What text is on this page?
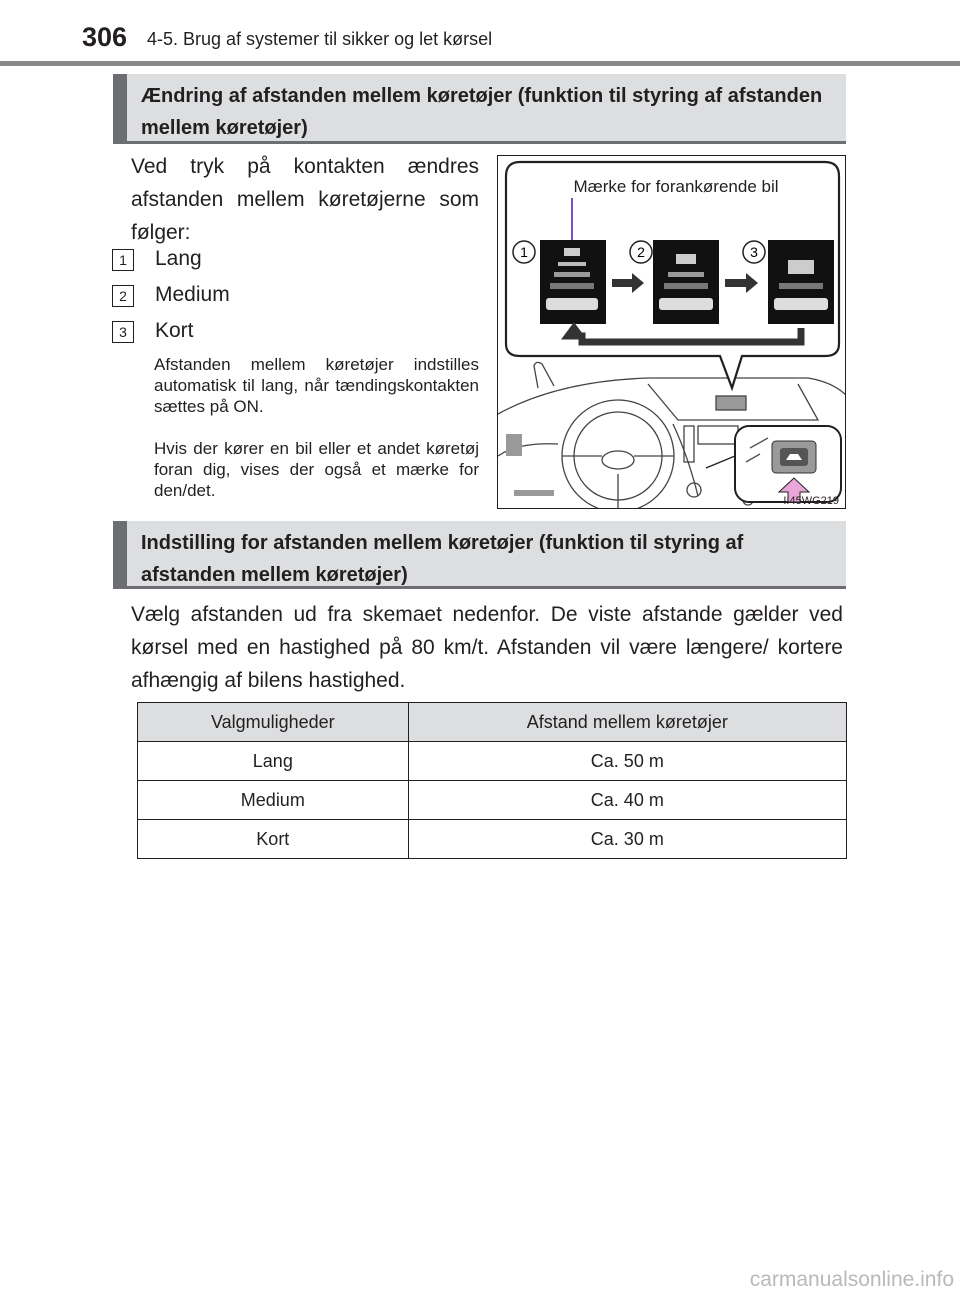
306 4-5. Brug af systemer til sikker og let kørsel
Ændring af afstanden mellem køretøjer (funktion til styring af afstanden mellem køretøjer)
Ved tryk på kontakten ændres afstanden mellem køretøjerne som følger:
1	Lang
2	Medium
3	Kort
Afstanden mellem køretøjer indstilles automatisk til lang, når tændingskontakten sættes på ON.
Hvis der kører en bil eller et andet køretøj foran dig, vises der også et mærke for den/det.
Mærke for forankørende bil
1	2	3
II45WG219
Indstilling for afstanden mellem køretøjer (funktion til styring af afstanden mellem køretøjer)
Vælg afstanden ud fra skemaet nedenfor. De viste afstande gælder ved kørsel med en hastighed på 80 km/t. Afstanden vil være længere/ kortere afhængig af bilens hastighed.
Valgmuligheder	Afstand mellem køretøjer
Lang	Ca. 50 m
Medium	Ca. 40 m
Kort	Ca. 30 m
carmanualsonline.info
